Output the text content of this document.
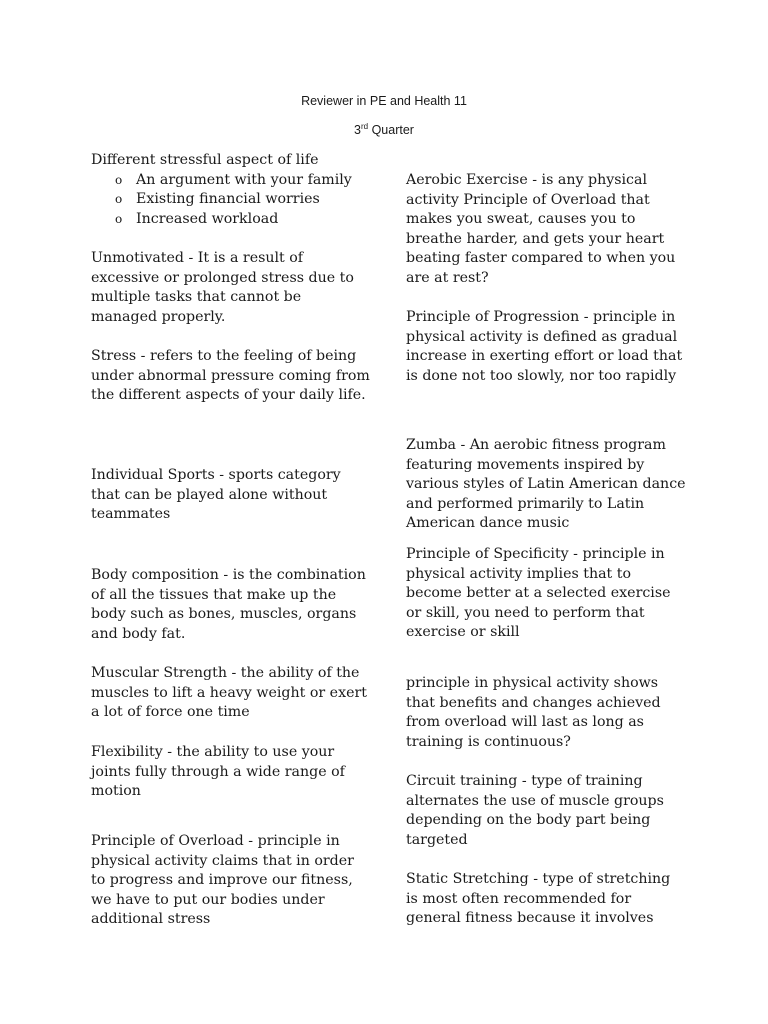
Reviewer in PE and Health 11
3rd Quarter
Different stressful aspect of life
o An argument with your family
o Existing financial worries
o Increased workload
Unmotivated - It is a result of excessive or prolonged stress due to multiple tasks that cannot be managed properly.
Stress - refers to the feeling of being under abnormal pressure coming from the different aspects of your daily life.
Individual Sports - sports category that can be played alone without teammates
Body composition - is the combination of all the tissues that make up the body such as bones, muscles, organs and body fat.
Muscular Strength - the ability of the muscles to lift a heavy weight or exert a lot of force one time
Flexibility - the ability to use your joints fully through a wide range of motion
Principle of Overload - principle in physical activity claims that in order to progress and improve our fitness, we have to put our bodies under additional stress
Aerobic Exercise - is any physical activity Principle of Overload that makes you sweat, causes you to breathe harder, and gets your heart beating faster compared to when you are at rest?
Principle of Progression - principle in physical activity is defined as gradual increase in exerting effort or load that is done not too slowly, nor too rapidly
Zumba - An aerobic fitness program featuring movements inspired by various styles of Latin American dance and performed primarily to Latin American dance music
Principle of Specificity - principle in physical activity implies that to become better at a selected exercise or skill, you need to perform that exercise or skill
principle in physical activity shows that benefits and changes achieved from overload will last as long as training is continuous?
Circuit training - type of training alternates the use of muscle groups depending on the body part being targeted
Static Stretching - type of stretching is most often recommended for general fitness because it involves
